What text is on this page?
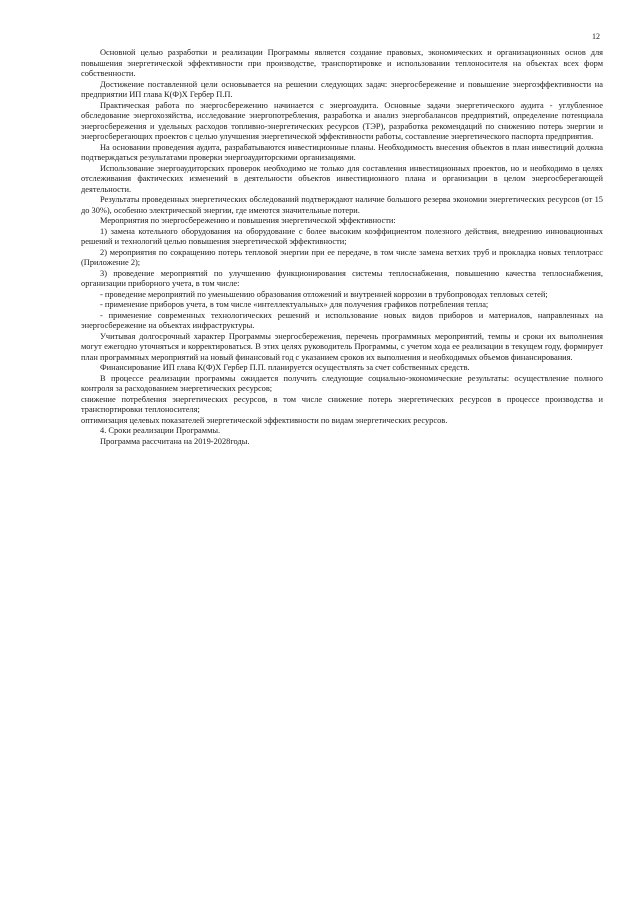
12

Основной целью разработки и реализации Программы является создание правовых, экономических и организационных основ для повышения энергетической эффективности при производстве, транспортировке и использовании теплоносителя на объектах всех форм собственности.

Достижение поставленной цели основывается на решении следующих задач: энергосбережение и повышение энергоэффективности на предприятии ИП глава К(Ф)Х Гербер П.П.

Практическая работа по энергосбережению начинается с энергоаудита. Основные задачи энергетического аудита - углубленное обследование энергохозяйства, исследование энергопотребления, разработка и анализ энергобалансов предприятий, определение потенциала энергосбережения и удельных расходов топливно-энергетических ресурсов (ТЭР), разработка рекомендаций по снижению потерь энергии и энергосберегающих проектов с целью улучшения энергетической эффективности работы, составление энергетического паспорта предприятия.

На основании проведения аудита, разрабатываются инвестиционные планы. Необходимость внесения объектов в план инвестиций должна подтверждаться результатами проверки энергоаудиторскими организациями.

Использование энергоаудиторских проверок необходимо не только для составления инвестиционных проектов, но и необходимо в целях отслеживания фактических изменений в деятельности объектов инвестиционного плана и организации в целом энергосберегающей деятельности.

Результаты проведенных энергетических обследований подтверждают наличие большого резерва экономии энергетических ресурсов (от 15 до 30%), особенно электрической энергии, где имеются значительные потери.

Мероприятия по энергосбережению и повышения энергетической эффективности:

1) замена котельного оборудования на оборудование с более высоким коэффициентом полезного действия, внедрению инновационных решений и технологий целью повышения энергетической эффективности;

2) мероприятия по сокращению потерь тепловой энергии при ее передаче, в том числе замена ветхих труб и прокладка новых теплотрасс (Приложение 2);

3) проведение мероприятий по улучшению функционирования системы теплоснабжения, повышению качества теплоснабжения, организации приборного учета, в том числе:

- проведение мероприятий по уменьшению образования отложений и внутренней коррозии в трубопроводах тепловых сетей;

- применение приборов учета, в том числе «интеллектуальных» для получения графиков потребления тепла;

- применение современных технологических решений и использование новых видов приборов и материалов, направленных на энергосбережение на объектах инфраструктуры.

Учитывая долгосрочный характер Программы энергосбережения, перечень программных мероприятий, темпы и сроки их выполнения могут ежегодно уточняться и корректироваться. В этих целях руководитель Программы, с учетом хода ее реализации в текущем году, формирует план программных мероприятий на новый финансовый год с указанием сроков их выполнения и необходимых объемов финансирования.

Финансирование ИП глава К(Ф)Х Гербер П.П. планируется осуществлять за счет собственных средств.

В процессе реализации программы ожидается получить следующие социально-экономические результаты: осуществление полного контроля за расходованием энергетических ресурсов;

снижение потребления энергетических ресурсов, в том числе снижение потерь энергетических ресурсов в процессе производства и транспортировки теплоносителя;

оптимизация целевых показателей энергетической эффективности по видам энергетических ресурсов.

4. Сроки реализации Программы.

Программа рассчитана на 2019-2028годы.
